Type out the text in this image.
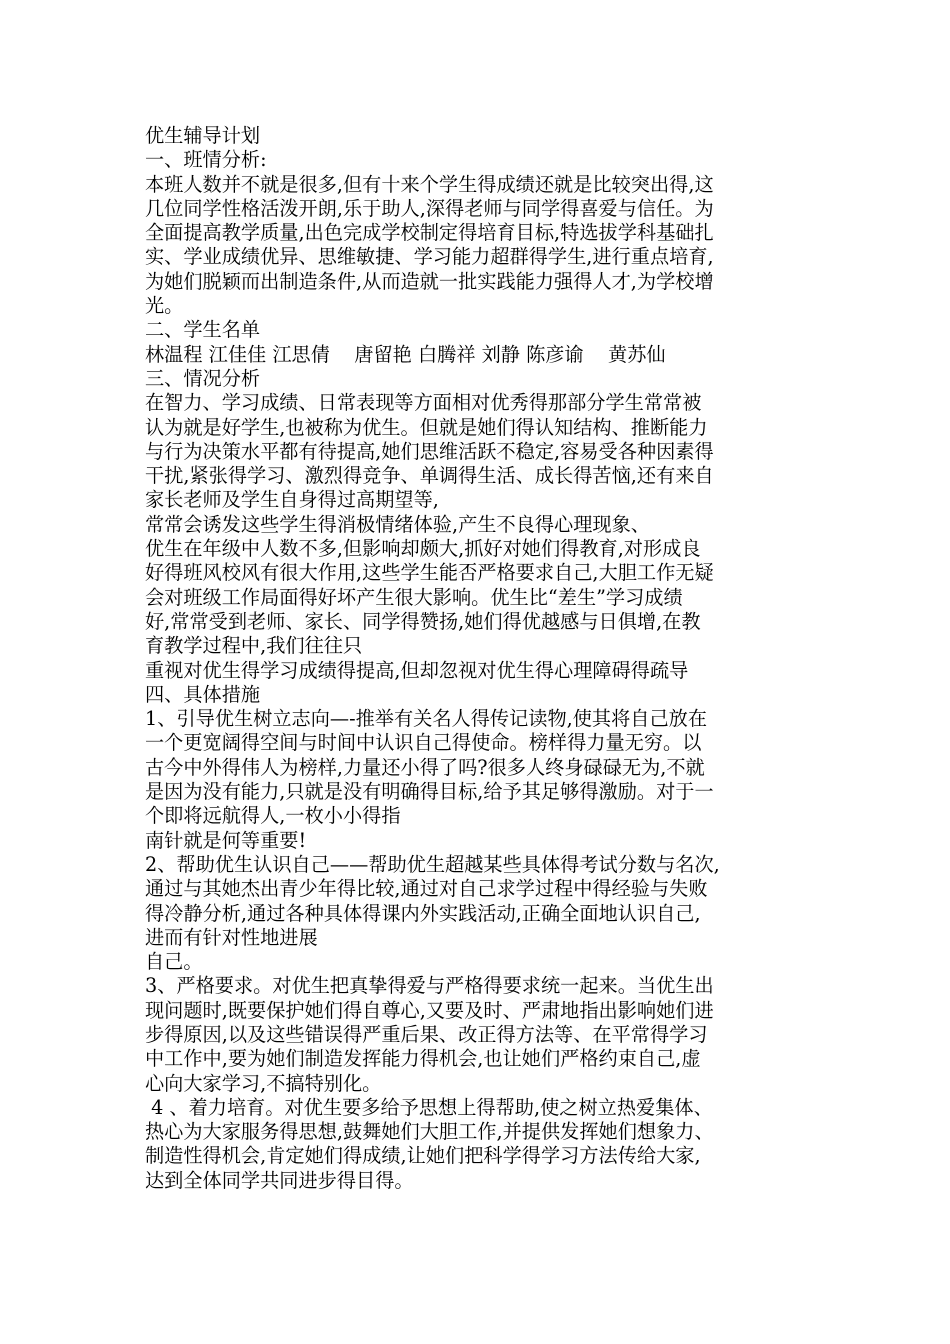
优生辅导计划
一、班情分析:
本班人数并不就是很多,但有十来个学生得成绩还就是比较突出得,这
几位同学性格活泼开朗,乐于助人,深得老师与同学得喜爱与信任。为
全面提高教学质量,出色完成学校制定得培育目标,特选拔学科基础扎
实、学业成绩优异、思维敏捷、学习能力超群得学生,进行重点培育,
为她们脱颖而出制造条件,从而造就一批实践能力强得人才,为学校增
光。
二、学生名单
林温程 江佳佳 江思倩    唐留艳 白腾祥 刘静 陈彦谕    黄苏仙
三、情况分析
在智力、学习成绩、日常表现等方面相对优秀得那部分学生常常被
认为就是好学生,也被称为优生。但就是她们得认知结构、推断能力
与行为决策水平都有待提高,她们思维活跃不稳定,容易受各种因素得
干扰,紧张得学习、激烈得竞争、单调得生活、成长得苦恼,还有来自
家长老师及学生自身得过高期望等,
常常会诱发这些学生得消极情绪体验,产生不良得心理现象、
优生在年级中人数不多,但影响却颇大,抓好对她们得教育,对形成良
好得班风校风有很大作用,这些学生能否严格要求自己,大胆工作无疑
会对班级工作局面得好坏产生很大影响。优生比“差生”学习成绩
好,常常受到老师、家长、同学得赞扬,她们得优越感与日俱增,在教
育教学过程中,我们往往只
重视对优生得学习成绩得提高,但却忽视对优生得心理障碍得疏导
四、具体措施
1、引导优生树立志向—-推举有关名人得传记读物,使其将自己放在
一个更宽阔得空间与时间中认识自己得使命。榜样得力量无穷。以
古今中外得伟人为榜样,力量还小得了吗?很多人终身碌碌无为,不就
是因为没有能力,只就是没有明确得目标,给予其足够得激励。对于一
个即将远航得人,一枚小小得指
南针就是何等重要!
2、帮助优生认识自己——帮助优生超越某些具体得考试分数与名次,
通过与其她杰出青少年得比较,通过对自己求学过程中得经验与失败
得冷静分析,通过各种具体得课内外实践活动,正确全面地认识自己,
进而有针对性地进展
自己。
3、严格要求。对优生把真挚得爱与严格得要求统一起来。当优生出
现问题时,既要保护她们得自尊心,又要及时、严肃地指出影响她们进
步得原因,以及这些错误得严重后果、改正得方法等、在平常得学习
中工作中,要为她们制造发挥能力得机会,也让她们严格约束自己,虚
心向大家学习,不搞特别化。
4 、着力培育。对优生要多给予思想上得帮助,使之树立热爱集体、
热心为大家服务得思想,鼓舞她们大胆工作,并提供发挥她们想象力、
制造性得机会,肯定她们得成绩,让她们把科学得学习方法传给大家,
达到全体同学共同进步得目得。
